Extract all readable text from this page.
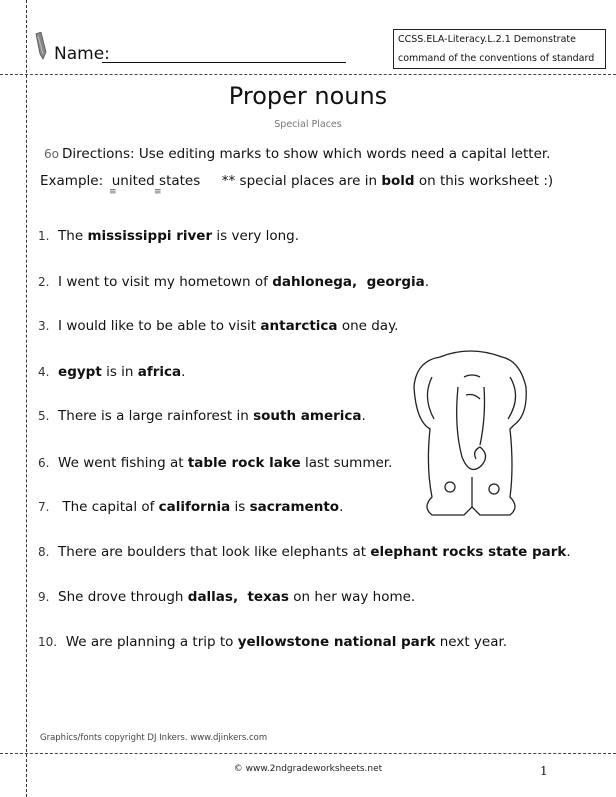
Name:
CCSS.ELA-Literacy.L.2.1 Demonstrate
command of the conventions of standard
Proper nouns
Special Places
6o Directions: Use editing marks to show which words need a capital letter.
Example: united states ** special places are in bold on this worksheet :)
≡	≡
1. The mississippi river is very long.
2. I went to visit my hometown of dahlonega,  georgia.
3. I would like to be able to visit antarctica one day.
4. egypt is in africa.
5. There is a large rainforest in south america.
6. We went fishing at table rock lake last summer.
7.   The capital of california is sacramento.
8. There are boulders that look like elephants at elephant rocks state park.
9. She drove through dallas,  texas on her way home.
10. We are planning a trip to yellowstone national park next year.
Graphics/fonts copyright DJ Inkers. www.djinkers.com
© www.2ndgradeworksheets.net	1
